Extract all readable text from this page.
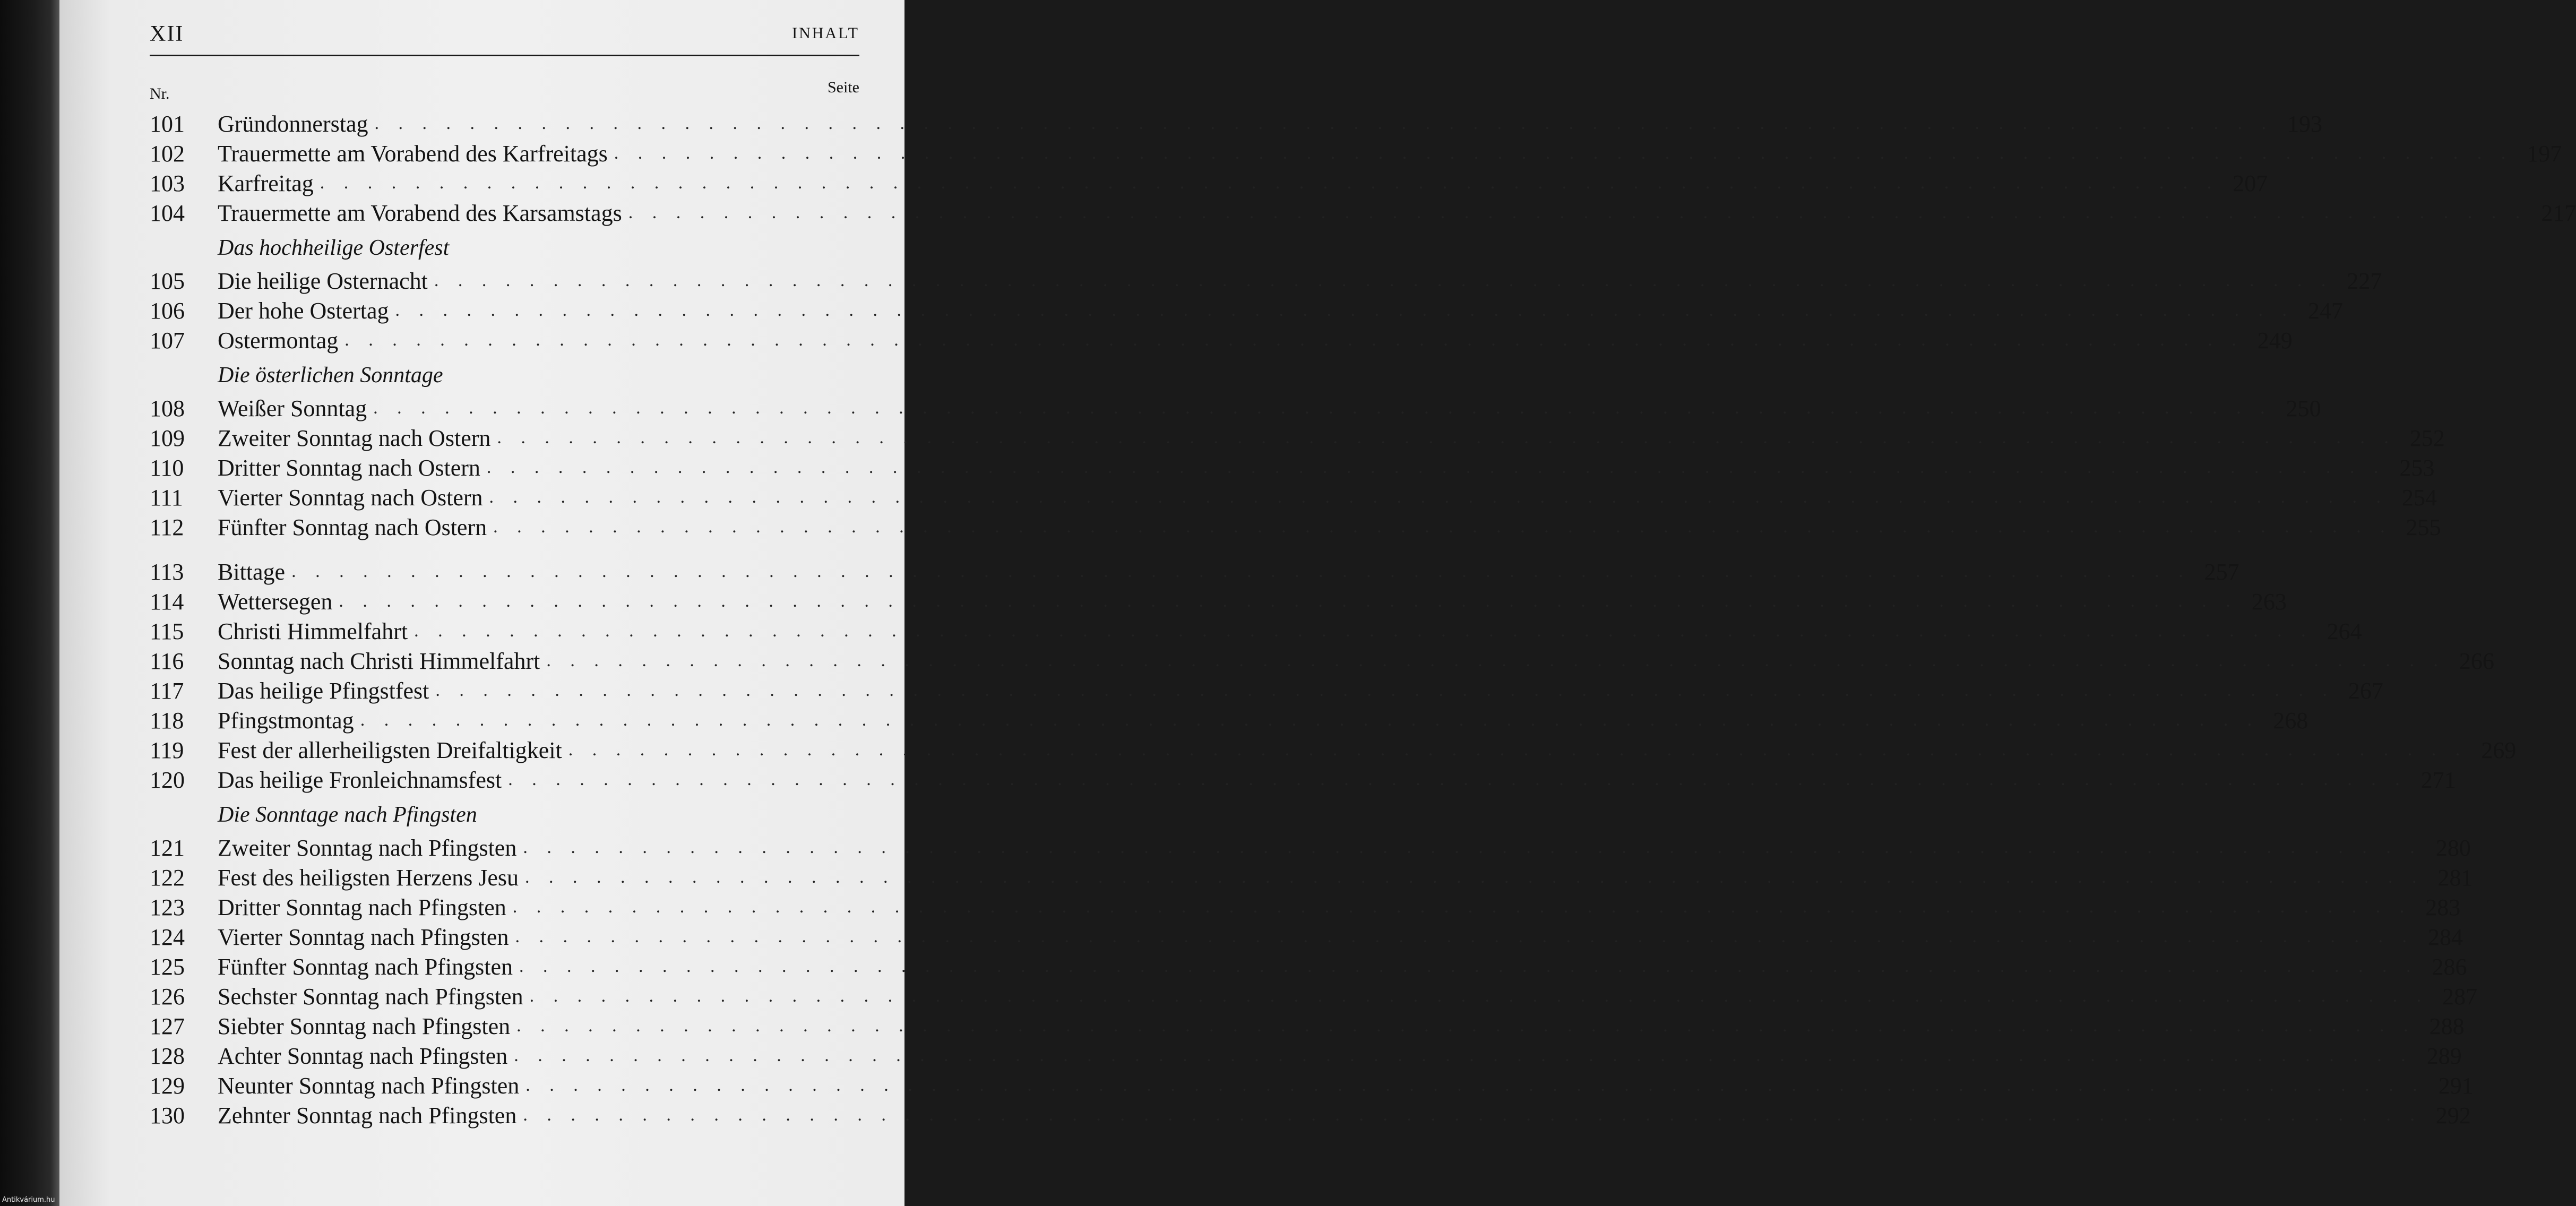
XII	INHALT
Nr.	Seite
101	Gründonnerstag . . . . . . . . . . . . . . . . . . . . . . . . . . . . . . . . . . . . . . . . . . . . . . . . . . . . . . . . . . . . . . . . . . . . . . . . . . . . . . . . 193
102	Trauermette am Vorabend des Karfreitags . . . . . . . . . . . . . . . . . . . . . . . . . . . . . . . . . . . . . . . . . . . . . . . . . . . . . . . . . . . . . . . . . . . . . . . . . . . . . . . . 197
103	Karfreitag . . . . . . . . . . . . . . . . . . . . . . . . . . . . . . . . . . . . . . . . . . . . . . . . . . . . . . . . . . . . . . . . . . . . . . . . . . . . . . . . 207
104	Trauermette am Vorabend des Karsamstags . . . . . . . . . . . . . . . . . . . . . . . . . . . . . . . . . . . . . . . . . . . . . . . . . . . . . . . . . . . . . . . . . . . . . . . . . . . . . . . . 217
Das hochheilige Osterfest
105	Die heilige Osternacht . . . . . . . . . . . . . . . . . . . . . . . . . . . . . . . . . . . . . . . . . . . . . . . . . . . . . . . . . . . . . . . . . . . . . . . . . . . . . . . . 227
106	Der hohe Ostertag . . . . . . . . . . . . . . . . . . . . . . . . . . . . . . . . . . . . . . . . . . . . . . . . . . . . . . . . . . . . . . . . . . . . . . . . . . . . . . . . 247
107	Ostermontag . . . . . . . . . . . . . . . . . . . . . . . . . . . . . . . . . . . . . . . . . . . . . . . . . . . . . . . . . . . . . . . . . . . . . . . . . . . . . . . . 249
Die österlichen Sonntage
108	Weißer Sonntag . . . . . . . . . . . . . . . . . . . . . . . . . . . . . . . . . . . . . . . . . . . . . . . . . . . . . . . . . . . . . . . . . . . . . . . . . . . . . . . . 250
109	Zweiter Sonntag nach Ostern . . . . . . . . . . . . . . . . . . . . . . . . . . . . . . . . . . . . . . . . . . . . . . . . . . . . . . . . . . . . . . . . . . . . . . . . . . . . . . . . 252
110	Dritter Sonntag nach Ostern . . . . . . . . . . . . . . . . . . . . . . . . . . . . . . . . . . . . . . . . . . . . . . . . . . . . . . . . . . . . . . . . . . . . . . . . . . . . . . . . 253
111	Vierter Sonntag nach Ostern . . . . . . . . . . . . . . . . . . . . . . . . . . . . . . . . . . . . . . . . . . . . . . . . . . . . . . . . . . . . . . . . . . . . . . . . . . . . . . . . 254
112	Fünfter Sonntag nach Ostern . . . . . . . . . . . . . . . . . . . . . . . . . . . . . . . . . . . . . . . . . . . . . . . . . . . . . . . . . . . . . . . . . . . . . . . . . . . . . . . . 255
113	Bittage . . . . . . . . . . . . . . . . . . . . . . . . . . . . . . . . . . . . . . . . . . . . . . . . . . . . . . . . . . . . . . . . . . . . . . . . . . . . . . . . 257
114	Wettersegen . . . . . . . . . . . . . . . . . . . . . . . . . . . . . . . . . . . . . . . . . . . . . . . . . . . . . . . . . . . . . . . . . . . . . . . . . . . . . . . . 263
115	Christi Himmelfahrt . . . . . . . . . . . . . . . . . . . . . . . . . . . . . . . . . . . . . . . . . . . . . . . . . . . . . . . . . . . . . . . . . . . . . . . . . . . . . . . . 264
116	Sonntag nach Christi Himmelfahrt . . . . . . . . . . . . . . . . . . . . . . . . . . . . . . . . . . . . . . . . . . . . . . . . . . . . . . . . . . . . . . . . . . . . . . . . . . . . . . . . 266
117	Das heilige Pfingstfest . . . . . . . . . . . . . . . . . . . . . . . . . . . . . . . . . . . . . . . . . . . . . . . . . . . . . . . . . . . . . . . . . . . . . . . . . . . . . . . . 267
118	Pfingstmontag . . . . . . . . . . . . . . . . . . . . . . . . . . . . . . . . . . . . . . . . . . . . . . . . . . . . . . . . . . . . . . . . . . . . . . . . . . . . . . . . 268
119	Fest der allerheiligsten Dreifaltigkeit . . . . . . . . . . . . . . . . . . . . . . . . . . . . . . . . . . . . . . . . . . . . . . . . . . . . . . . . . . . . . . . . . . . . . . . . . . . . . . . . 269
120	Das heilige Fronleichnamsfest . . . . . . . . . . . . . . . . . . . . . . . . . . . . . . . . . . . . . . . . . . . . . . . . . . . . . . . . . . . . . . . . . . . . . . . . . . . . . . . . 271
Die Sonntage nach Pfingsten
121	Zweiter Sonntag nach Pfingsten . . . . . . . . . . . . . . . . . . . . . . . . . . . . . . . . . . . . . . . . . . . . . . . . . . . . . . . . . . . . . . . . . . . . . . . . . . . . . . . . 280
122	Fest des heiligsten Herzens Jesu . . . . . . . . . . . . . . . . . . . . . . . . . . . . . . . . . . . . . . . . . . . . . . . . . . . . . . . . . . . . . . . . . . . . . . . . . . . . . . . . 281
123	Dritter Sonntag nach Pfingsten . . . . . . . . . . . . . . . . . . . . . . . . . . . . . . . . . . . . . . . . . . . . . . . . . . . . . . . . . . . . . . . . . . . . . . . . . . . . . . . . 283
124	Vierter Sonntag nach Pfingsten . . . . . . . . . . . . . . . . . . . . . . . . . . . . . . . . . . . . . . . . . . . . . . . . . . . . . . . . . . . . . . . . . . . . . . . . . . . . . . . . 284
125	Fünfter Sonntag nach Pfingsten . . . . . . . . . . . . . . . . . . . . . . . . . . . . . . . . . . . . . . . . . . . . . . . . . . . . . . . . . . . . . . . . . . . . . . . . . . . . . . . . 286
126	Sechster Sonntag nach Pfingsten . . . . . . . . . . . . . . . . . . . . . . . . . . . . . . . . . . . . . . . . . . . . . . . . . . . . . . . . . . . . . . . . . . . . . . . . . . . . . . . . 287
127	Siebter Sonntag nach Pfingsten . . . . . . . . . . . . . . . . . . . . . . . . . . . . . . . . . . . . . . . . . . . . . . . . . . . . . . . . . . . . . . . . . . . . . . . . . . . . . . . . 288
128	Achter Sonntag nach Pfingsten . . . . . . . . . . . . . . . . . . . . . . . . . . . . . . . . . . . . . . . . . . . . . . . . . . . . . . . . . . . . . . . . . . . . . . . . . . . . . . . . 289
129	Neunter Sonntag nach Pfingsten . . . . . . . . . . . . . . . . . . . . . . . . . . . . . . . . . . . . . . . . . . . . . . . . . . . . . . . . . . . . . . . . . . . . . . . . . . . . . . . . 291
130	Zehnter Sonntag nach Pfingsten . . . . . . . . . . . . . . . . . . . . . . . . . . . . . . . . . . . . . . . . . . . . . . . . . . . . . . . . . . . . . . . . . . . . . . . . . . . . . . . . 292
Antikvárium.hu
